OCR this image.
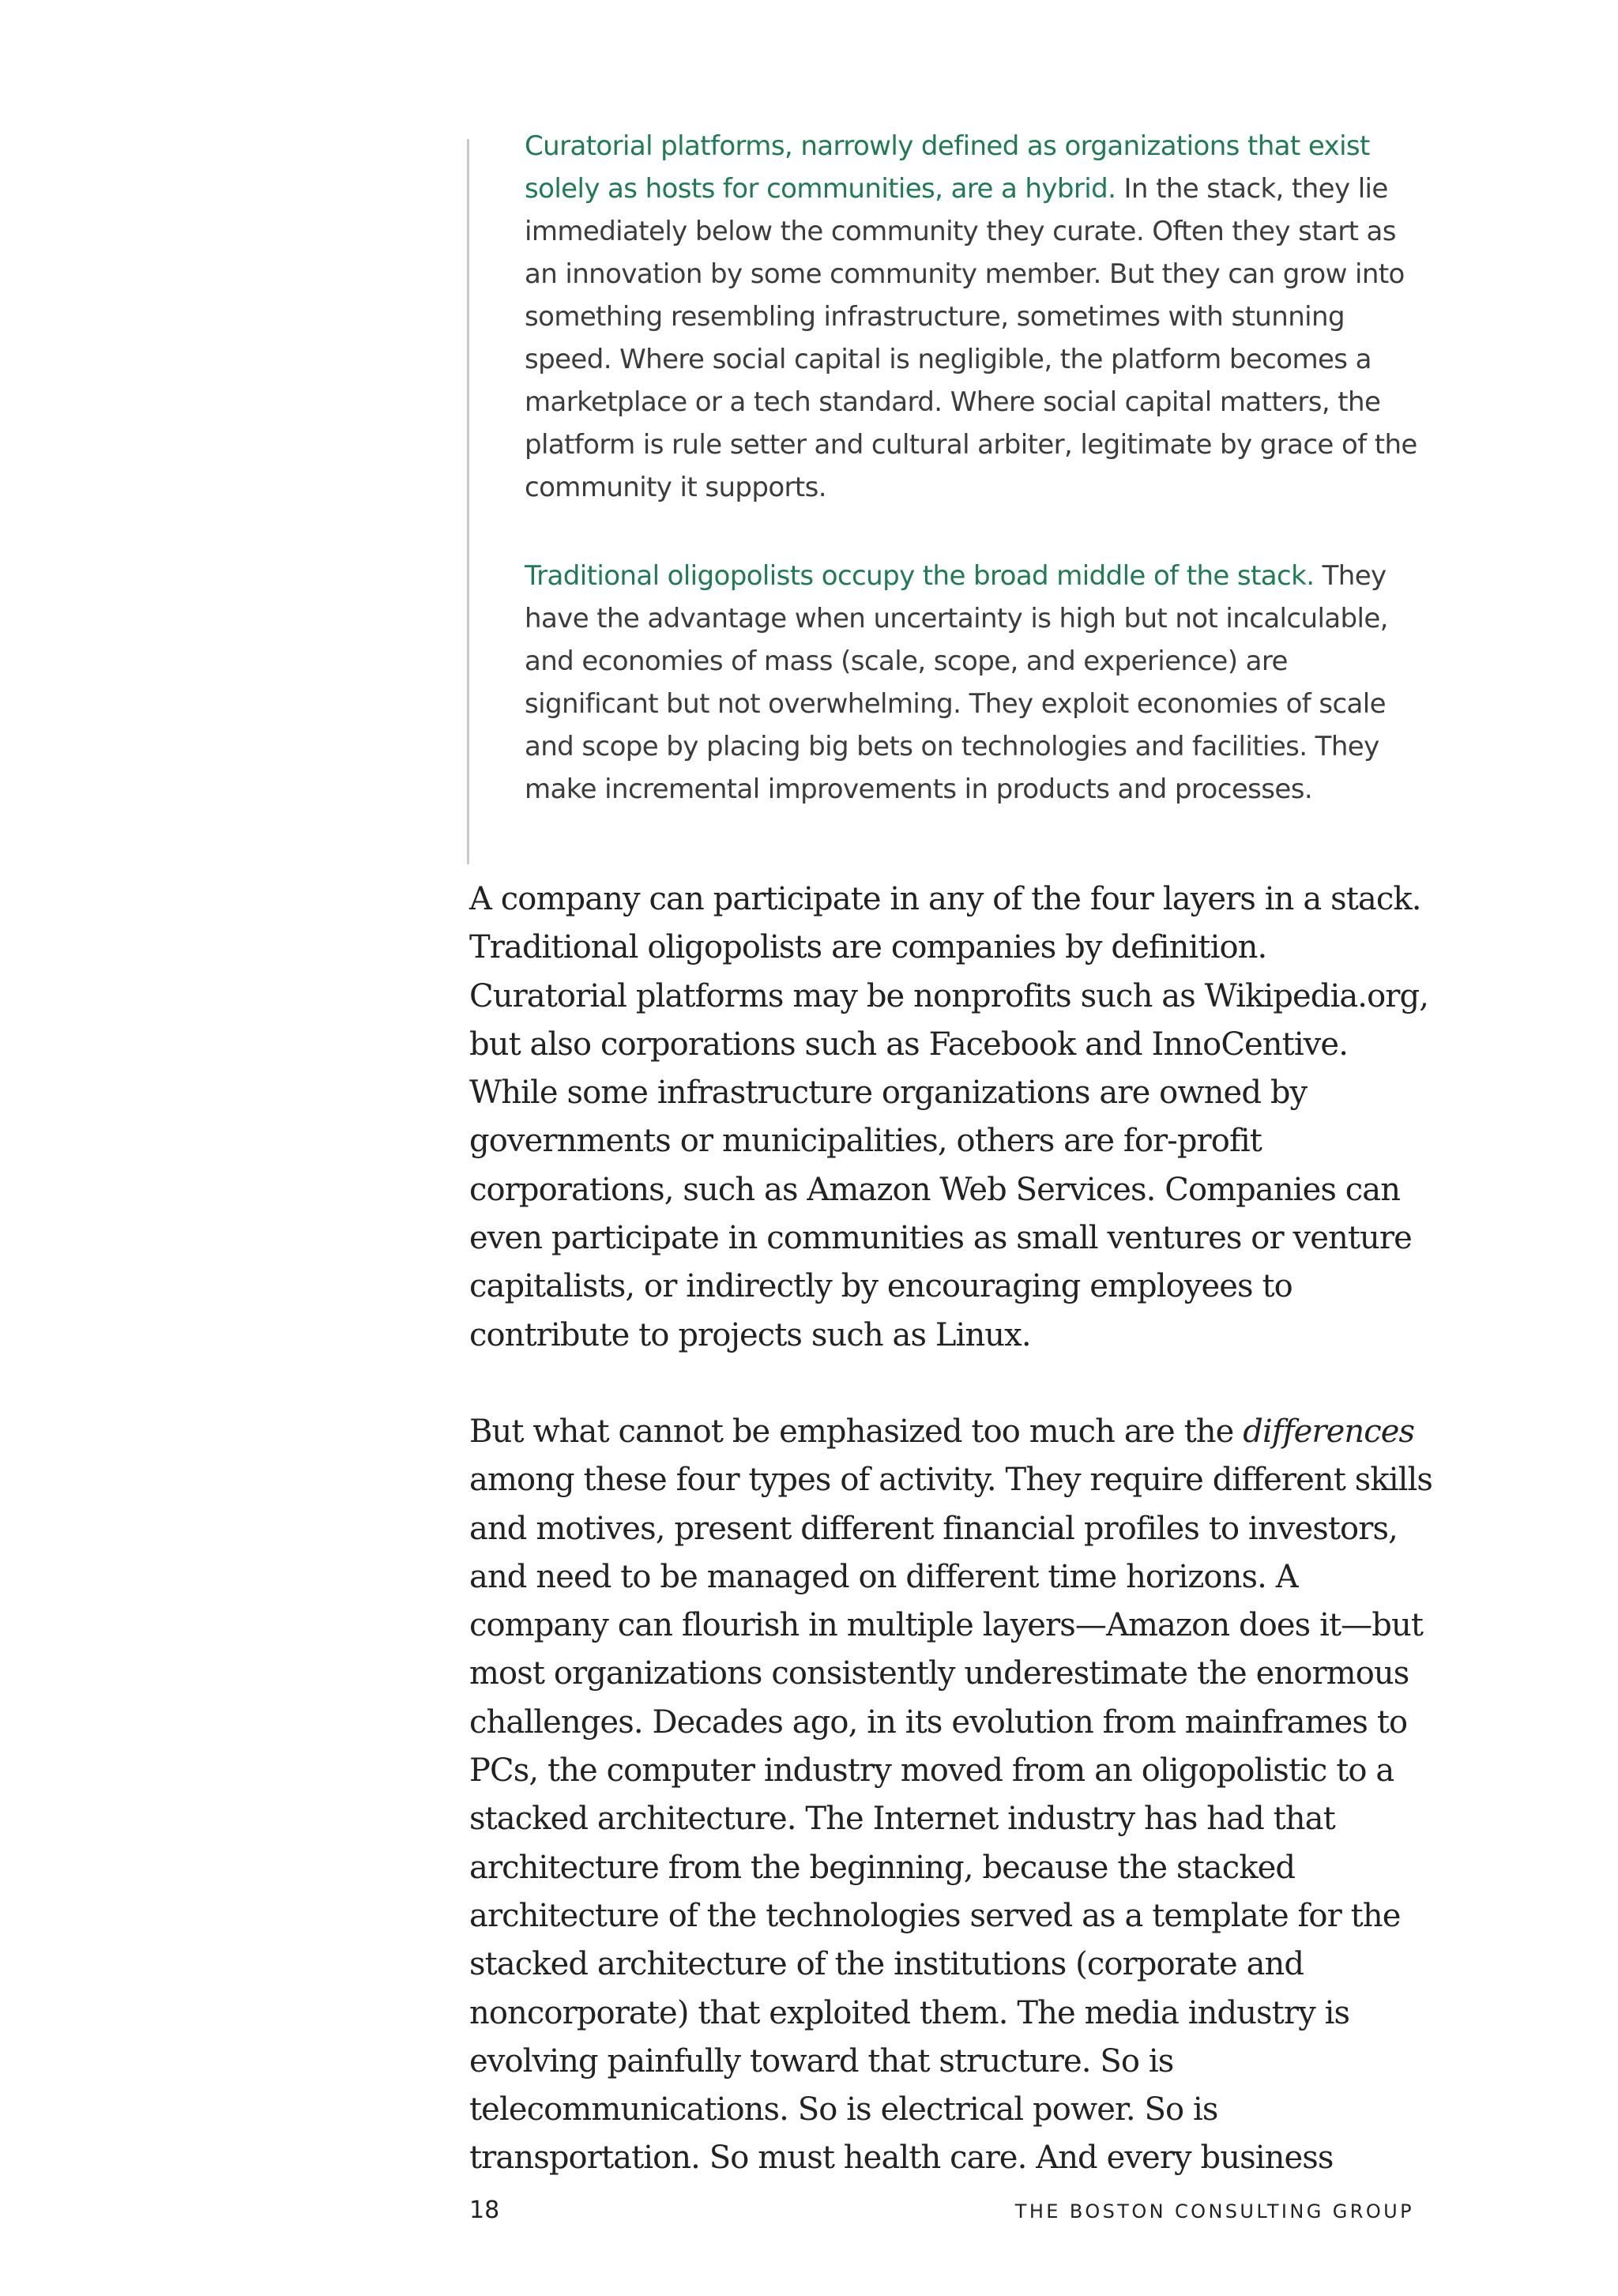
Curatorial platforms, narrowly defined as organizations that exist solely as hosts for communities, are a hybrid. In the stack, they lie immediately below the community they curate. Often they start as an innovation by some community member. But they can grow into something resembling infrastructure, sometimes with stunning speed. Where social capital is negligible, the platform becomes a marketplace or a tech standard. Where social capital matters, the platform is rule setter and cultural arbiter, legitimate by grace of the community it supports.

Traditional oligopolists occupy the broad middle of the stack. They have the advantage when uncertainty is high but not incalculable, and economies of mass (scale, scope, and experience) are significant but not overwhelming. They exploit economies of scale and scope by placing big bets on technologies and facilities. They make incremental improvements in products and processes.

A company can participate in any of the four layers in a stack. Traditional oligopolists are companies by definition. Curatorial platforms may be nonprofits such as Wikipedia.org, but also corporations such as Facebook and InnoCentive. While some infrastructure organizations are owned by governments or municipalities, others are for-profit corporations, such as Amazon Web Services. Companies can even participate in communities as small ventures or venture capitalists, or indirectly by encouraging employees to contribute to projects such as Linux.

But what cannot be emphasized too much are the differences among these four types of activity. They require different skills and motives, present different financial profiles to investors, and need to be managed on different time horizons. A company can flourish in multiple layers—Amazon does it—but most organizations consistently underestimate the enormous challenges. Decades ago, in its evolution from mainframes to PCs, the computer industry moved from an oligopolistic to a stacked architecture. The Internet industry has had that architecture from the beginning, because the stacked architecture of the technologies served as a template for the stacked architecture of the institutions (corporate and noncorporate) that exploited them. The media industry is evolving painfully toward that structure. So is telecommunications. So is electrical power. So is transportation. So must health care. And every business

18	THE BOSTON CONSULTING GROUP
